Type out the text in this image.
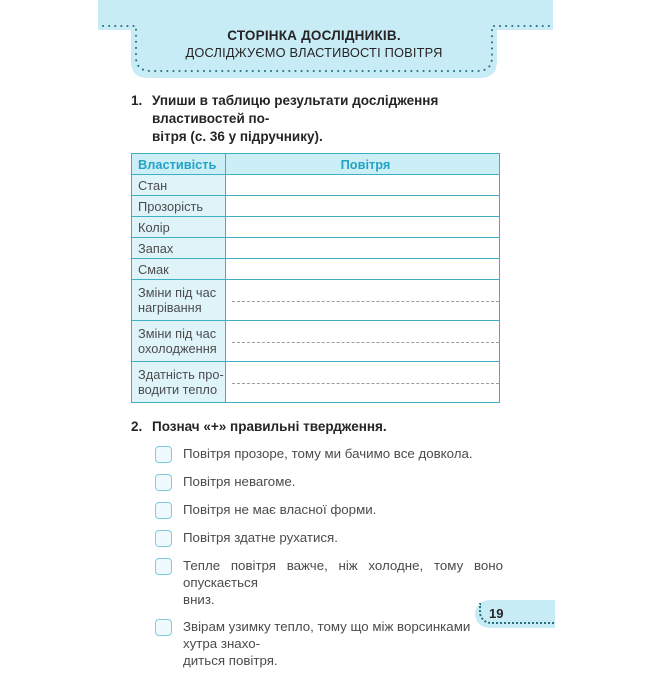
СТОРІНКА ДОСЛІДНИКІВ.
ДОСЛІДЖУЄМО ВЛАСТИВОСТІ ПОВІТРЯ
1. Упиши в таблицю результати дослідження властивостей по-
вітря (с. 36 у підручнику).
Властивість	Повітря
Стан	
Прозорість	
Колір	
Запах	
Смак	

Зміни під час
нагрівання	

Зміни під час
охолодження	

Здатність про-
водити тепло	

2. Познач «+» правильні твердження.
Повітря прозоре, тому ми бачимо все довкола.
Повітря невагоме.
Повітря не має власної форми.
Повітря здатне рухатися.
Тепле повітря важче, ніж холодне, тому воно опускається
вниз.
Звірам узимку тепло, тому що між ворсинками хутра знахо-
диться повітря.
19
